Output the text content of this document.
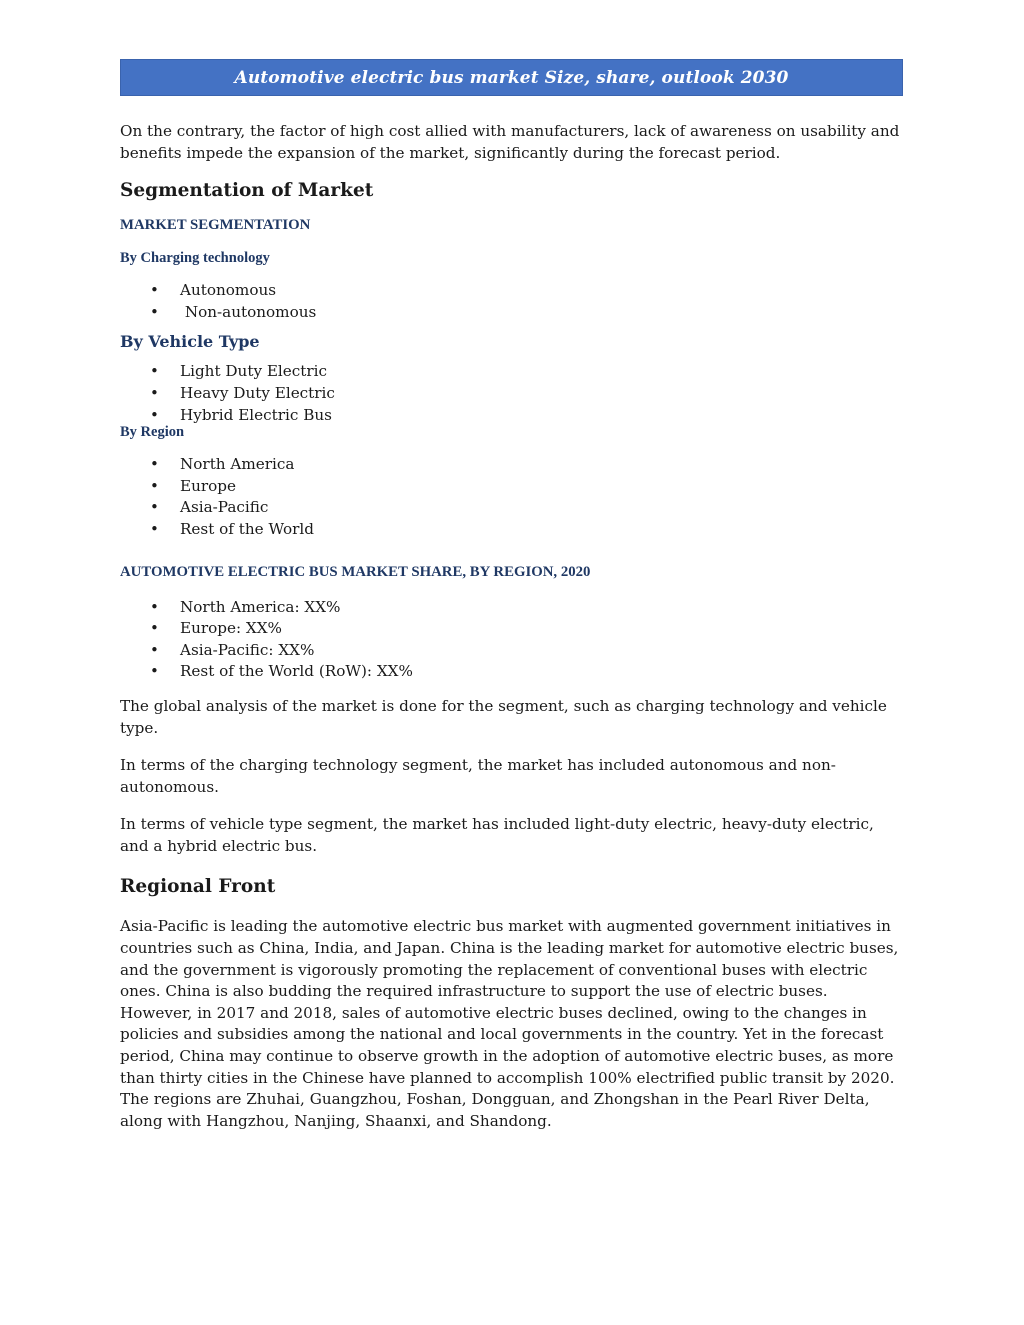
Automotive electric bus market Size, share, outlook 2030

On the contrary, the factor of high cost allied with manufacturers, lack of awareness on usability and benefits impede the expansion of the market, significantly during the forecast period.

Segmentation of Market
MARKET SEGMENTATION
By Charging technology
• Autonomous
•  Non-autonomous
By Vehicle Type
• Light Duty Electric
• Heavy Duty Electric
• Hybrid Electric Bus
By Region
• North America
• Europe
• Asia-Pacific
• Rest of the World
AUTOMOTIVE ELECTRIC BUS MARKET SHARE, BY REGION, 2020
• North America: XX%
• Europe: XX%
• Asia-Pacific: XX%
• Rest of the World (RoW): XX%

The global analysis of the market is done for the segment, such as charging technology and vehicle type.

In terms of the charging technology segment, the market has included autonomous and non-autonomous.

In terms of vehicle type segment, the market has included light-duty electric, heavy-duty electric, and a hybrid electric bus.

Regional Front

Asia-Pacific is leading the automotive electric bus market with augmented government initiatives in countries such as China, India, and Japan. China is the leading market for automotive electric buses, and the government is vigorously promoting the replacement of conventional buses with electric ones. China is also budding the required infrastructure to support the use of electric buses. However, in 2017 and 2018, sales of automotive electric buses declined, owing to the changes in policies and subsidies among the national and local governments in the country. Yet in the forecast period, China may continue to observe growth in the adoption of automotive electric buses, as more than thirty cities in the Chinese have planned to accomplish 100% electrified public transit by 2020. The regions are Zhuhai, Guangzhou, Foshan, Dongguan, and Zhongshan in the Pearl River Delta, along with Hangzhou, Nanjing, Shaanxi, and Shandong.
